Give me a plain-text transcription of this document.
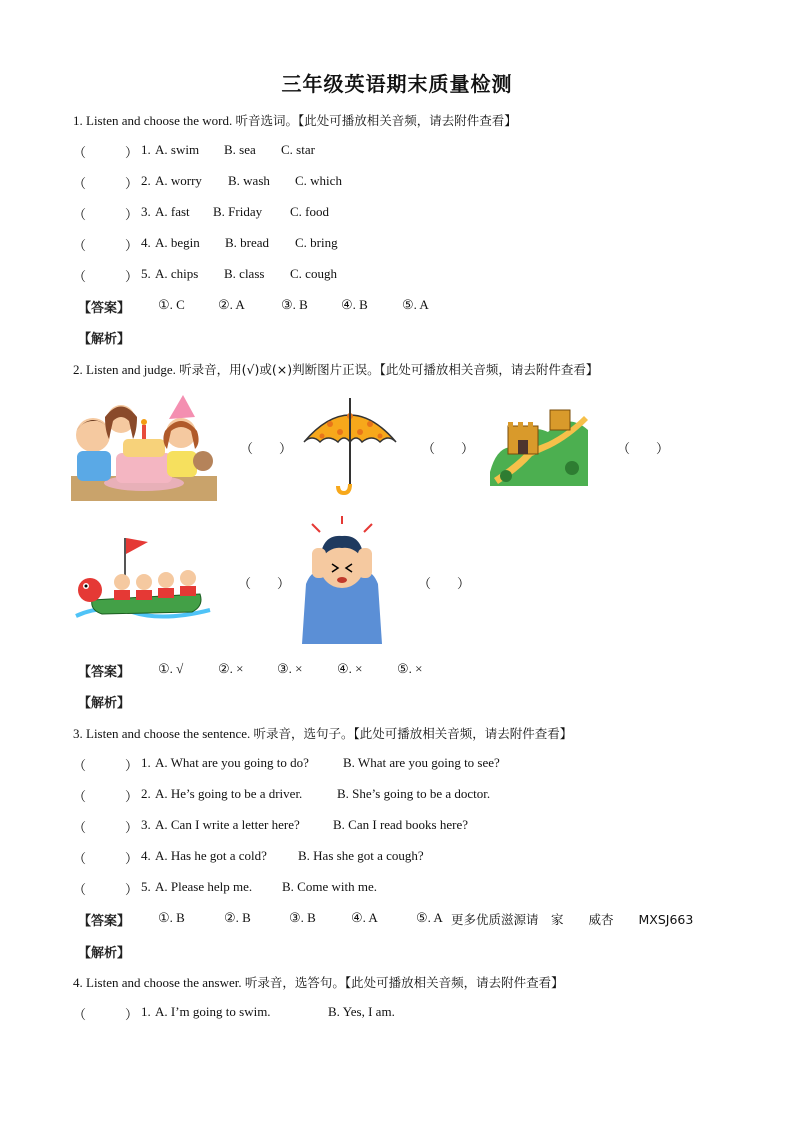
三年级英语期末质量检测
1. Listen and choose the word. 听音选词。【此处可播放相关音频，请去附件查看】
（　　　） 1. A. swim B. sea C. star
（　　　） 2. A. worry B. wash C. which
（　　　） 3. A. fast B. Friday C. food
（　　　） 4. A. begin B. bread C. bring
（　　　） 5. A. chips B. class C. cough
【答案】 ①. C	②. A	③. B	④. B	⑤. A
【解析】
2. Listen and judge. 听录音，用(√)或(×)判断图片正误。【此处可播放相关音频，请去附件查看】
（　　）	（　　）	（　　）
（　　）	（　　）
【答案】 ①. √	②. ×	③. ×	④. ×	⑤. ×
【解析】
3. Listen and choose the sentence. 听录音，选句子。【此处可播放相关音频，请去附件查看】
（　　　） 1. A. What are you going to do?	B. What are you going to see?
（　　　） 2. A. He’s going to be a driver.	B. She’s going to be a doctor.
（　　　） 3. A. Can I write a letter here?	B. Can I read books here?
（　　　） 4. A. Has he got a cold? B. Has she got a cough?
（　　　） 5. A. Please help me. B. Come with me.
【答案】 ①. B	②. B	③. B	④. A	⑤. A 更多优质滋源请　家　　威杏　　MXSJ663
【解析】
4. Listen and choose the answer. 听录音，选答句。【此处可播放相关音频，请去附件查看】
（　　　） 1. A. I’m going to swim.	B. Yes, I am.
